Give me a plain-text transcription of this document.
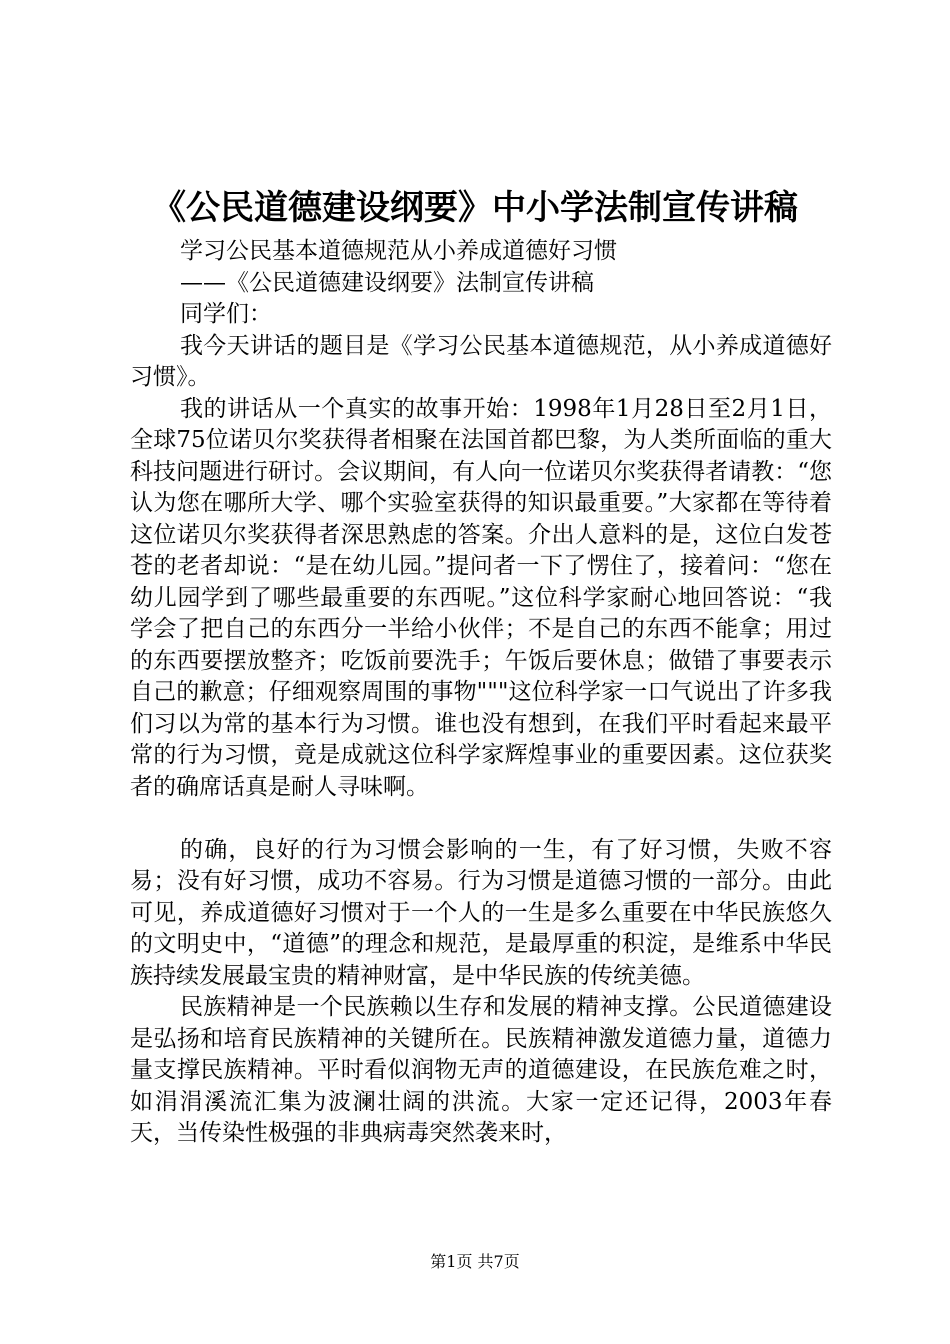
《公民道德建设纲要》中小学法制宣传讲稿

学习公民基本道德规范从小养成道德好习惯

——《公民道德建设纲要》法制宣传讲稿

同学们：

我今天讲话的题目是《学习公民基本道德规范，从小养成道德好习惯》。

我的讲话从一个真实的故事开始：1998年1月28日至2月1日，全球75位诺贝尔奖获得者相聚在法国首都巴黎，为人类所面临的重大科技问题进行研讨。会议期间，有人向一位诺贝尔奖获得者请教：“您认为您在哪所大学、哪个实验室获得的知识最重要。”大家都在等待着这位诺贝尔奖获得者深思熟虑的答案。介出人意料的是，这位白发苍苍的老者却说：“是在幼儿园。”提问者一下了愣住了，接着问：“您在幼儿园学到了哪些最重要的东西呢。”这位科学家耐心地回答说：“我学会了把自己的东西分一半给小伙伴；不是自己的东西不能拿；用过的东西要摆放整齐；吃饭前要洗手；午饭后要休息；做错了事要表示自己的歉意；仔细观察周围的事物"""这位科学家一口气说出了许多我们习以为常的基本行为习惯。谁也没有想到，在我们平时看起来最平常的行为习惯，竟是成就这位科学家辉煌事业的重要因素。这位获奖者的确席话真是耐人寻味啊。

的确，良好的行为习惯会影响的一生，有了好习惯，失败不容易；没有好习惯，成功不容易。行为习惯是道德习惯的一部分。由此可见，养成道德好习惯对于一个人的一生是多么重要在中华民族悠久的文明史中，“道德”的理念和规范，是最厚重的积淀，是维系中华民族持续发展最宝贵的精神财富，是中华民族的传统美德。

民族精神是一个民族赖以生存和发展的精神支撑。公民道德建设是弘扬和培育民族精神的关键所在。民族精神激发道德力量，道德力量支撑民族精神。平时看似润物无声的道德建设，在民族危难之时，如涓涓溪流汇集为波澜壮阔的洪流。大家一定还记得，2003年春天，当传染性极强的非典病毒突然袭来时，

第1页 共7页
